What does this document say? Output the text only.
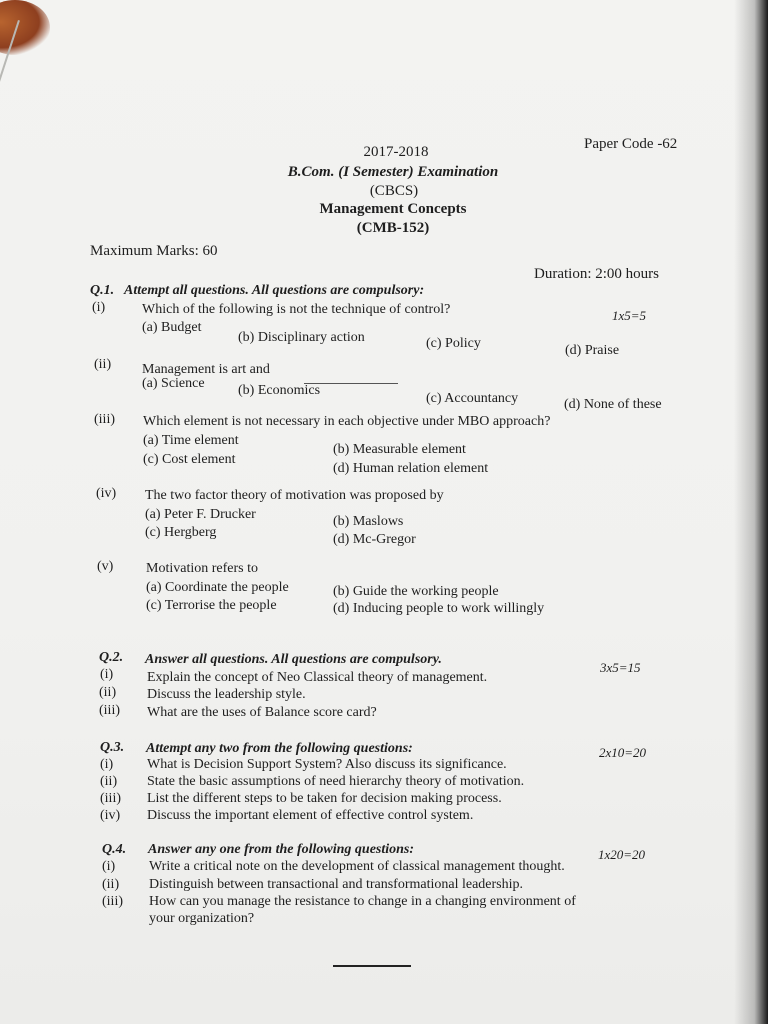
Paper Code -62
2017-2018
B.Com. (I Semester) Examination
(CBCS)
Management Concepts
(CMB-152)
Maximum Marks: 60
Duration: 2:00 hours
Q.1. Attempt all questions. All questions are compulsory:
1x5=5
(i)	Which of the following is not the technique of control?
(a) Budget
(b) Disciplinary action	(c) Policy	(d) Praise
(ii) Management is art and
(a) Science (b) Economics
(c) Accountancy	(d) None of these
(iii) Which element is not necessary in each objective under MBO approach?
(a) Time element
(b) Measurable element
(c) Cost element
(d) Human relation element
(iv) The two factor theory of motivation was proposed by
(a) Peter F. Drucker	(b) Maslows
(c) Hergberg	(d) Mc-Gregor
(v) Motivation refers to
(a) Coordinate the people	(b) Guide the working people
(c) Terrorise the people	(d) Inducing people to work willingly
Q.2. Answer all questions. All questions are compulsory.
3x5=15
(i) Explain the concept of Neo Classical theory of management.
(ii) Discuss the leadership style.
(iii) What are the uses of Balance score card?
Q.3. Attempt any two from the following questions:	2x10=20
(i) What is Decision Support System? Also discuss its significance.
(ii) State the basic assumptions of need hierarchy theory of motivation.
(iii) List the different steps to be taken for decision making process.
(iv) Discuss the important element of effective control system.
Q.4. Answer any one from the following questions:	1x20=20
(i) Write a critical note on the development of classical management thought.
(ii) Distinguish between transactional and transformational leadership.
(iii) How can you manage the resistance to change in a changing environment of
your organization?
